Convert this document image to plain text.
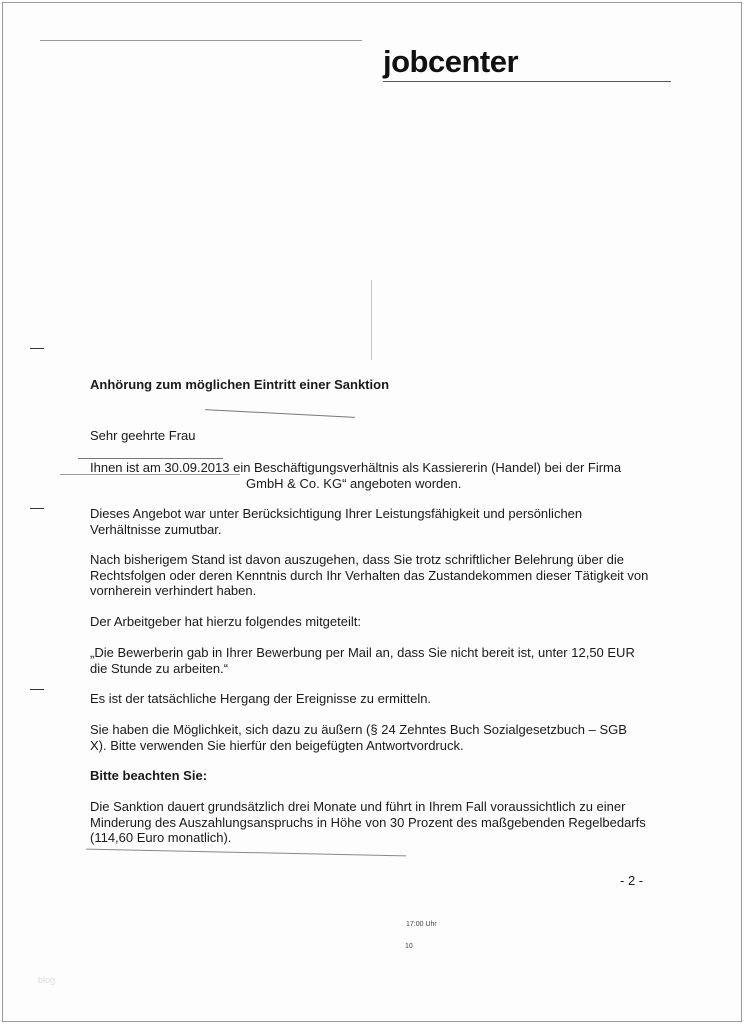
jobcenter

Anhörung zum möglichen Eintritt einer Sanktion

Sehr geehrte Frau

Ihnen ist am 30.09.2013 ein Beschäftigungsverhältnis als Kassiererin (Handel) bei der Firma

GmbH & Co. KG“ angeboten worden.

Dieses Angebot war unter Berücksichtigung Ihrer Leistungsfähigkeit und persönlichen Verhältnisse zumutbar.

Nach bisherigem Stand ist davon auszugehen, dass Sie trotz schriftlicher Belehrung über die Rechtsfolgen oder deren Kenntnis durch Ihr Verhalten das Zustandekommen dieser Tätigkeit von vornherein verhindert haben.

Der Arbeitgeber hat hierzu folgendes mitgeteilt:

„Die Bewerberin gab in Ihrer Bewerbung per Mail an, dass Sie nicht bereit ist, unter 12,50 EUR die Stunde zu arbeiten.“

Es ist der tatsächliche Hergang der Ereignisse zu ermitteln.

Sie haben die Möglichkeit, sich dazu zu äußern (§ 24 Zehntes Buch Sozialgesetzbuch – SGB X). Bitte verwenden Sie hierfür den beigefügten Antwortvordruck.

Bitte beachten Sie:

Die Sanktion dauert grundsätzlich drei Monate und führt in Ihrem Fall voraussichtlich zu einer Minderung des Auszahlungsanspruchs in Höhe von 30 Prozent des maßgebenden Regelbedarfs (114,60 Euro monatlich).

- 2 -
17:00 Uhr
10
blog
